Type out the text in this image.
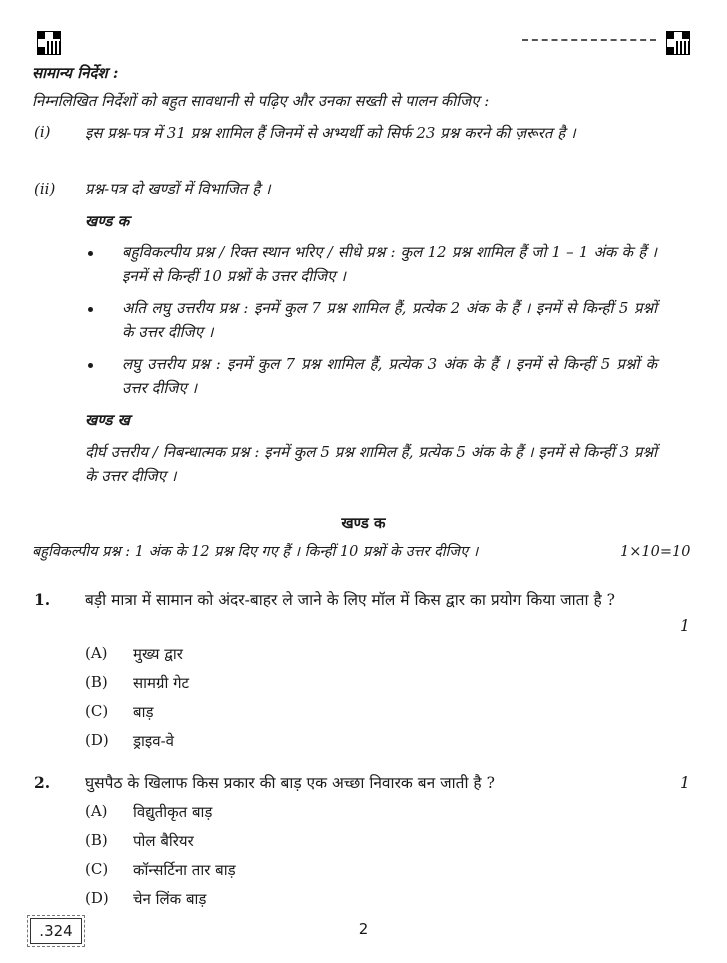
सामान्य निर्देश :
निम्नलिखित निर्देशों को बहुत सावधानी से पढ़िए और उनका सख्ती से पालन कीजिए :
(i) इस प्रश्न-पत्र में 31 प्रश्न शामिल हैं जिनमें से अभ्यर्थी को सिर्फ 23 प्रश्न करने की ज़रूरत है ।
(ii) प्रश्न-पत्र दो खण्डों में विभाजित है ।
खण्ड क
बहुविकल्पीय प्रश्न / रिक्त स्थान भरिए / सीधे प्रश्न : कुल 12 प्रश्न शामिल हैं जो 1 – 1 अंक के हैं । इनमें से किन्हीं 10 प्रश्नों के उत्तर दीजिए ।
अति लघु उत्तरीय प्रश्न : इनमें कुल 7 प्रश्न शामिल हैं, प्रत्येक 2 अंक के हैं । इनमें से किन्हीं 5 प्रश्नों के उत्तर दीजिए ।
लघु उत्तरीय प्रश्न : इनमें कुल 7 प्रश्न शामिल हैं, प्रत्येक 3 अंक के हैं । इनमें से किन्हीं 5 प्रश्नों के उत्तर दीजिए ।
खण्ड ख
दीर्घ उत्तरीय / निबन्धात्मक प्रश्न : इनमें कुल 5 प्रश्न शामिल हैं, प्रत्येक 5 अंक के हैं । इनमें से किन्हीं 3 प्रश्नों के उत्तर दीजिए ।
खण्ड क
बहुविकल्पीय प्रश्न : 1 अंक के 12 प्रश्न दिए गए हैं । किन्हीं 10 प्रश्नों के उत्तर दीजिए ।	1×10=10
1. बड़ी मात्रा में सामान को अंदर-बाहर ले जाने के लिए मॉल में किस द्वार का प्रयोग किया जाता है ?
1
(A) मुख्य द्वार
(B) सामग्री गेट
(C) बाड़
(D) ड्राइव-वे
2. घुसपैठ के खिलाफ किस प्रकार की बाड़ एक अच्छा निवारक बन जाती है ?	1
(A) विद्युतीकृत बाड़
(B) पोल बैरियर
(C) कॉन्सर्टिना तार बाड़
(D) चेन लिंक बाड़
.324	2
